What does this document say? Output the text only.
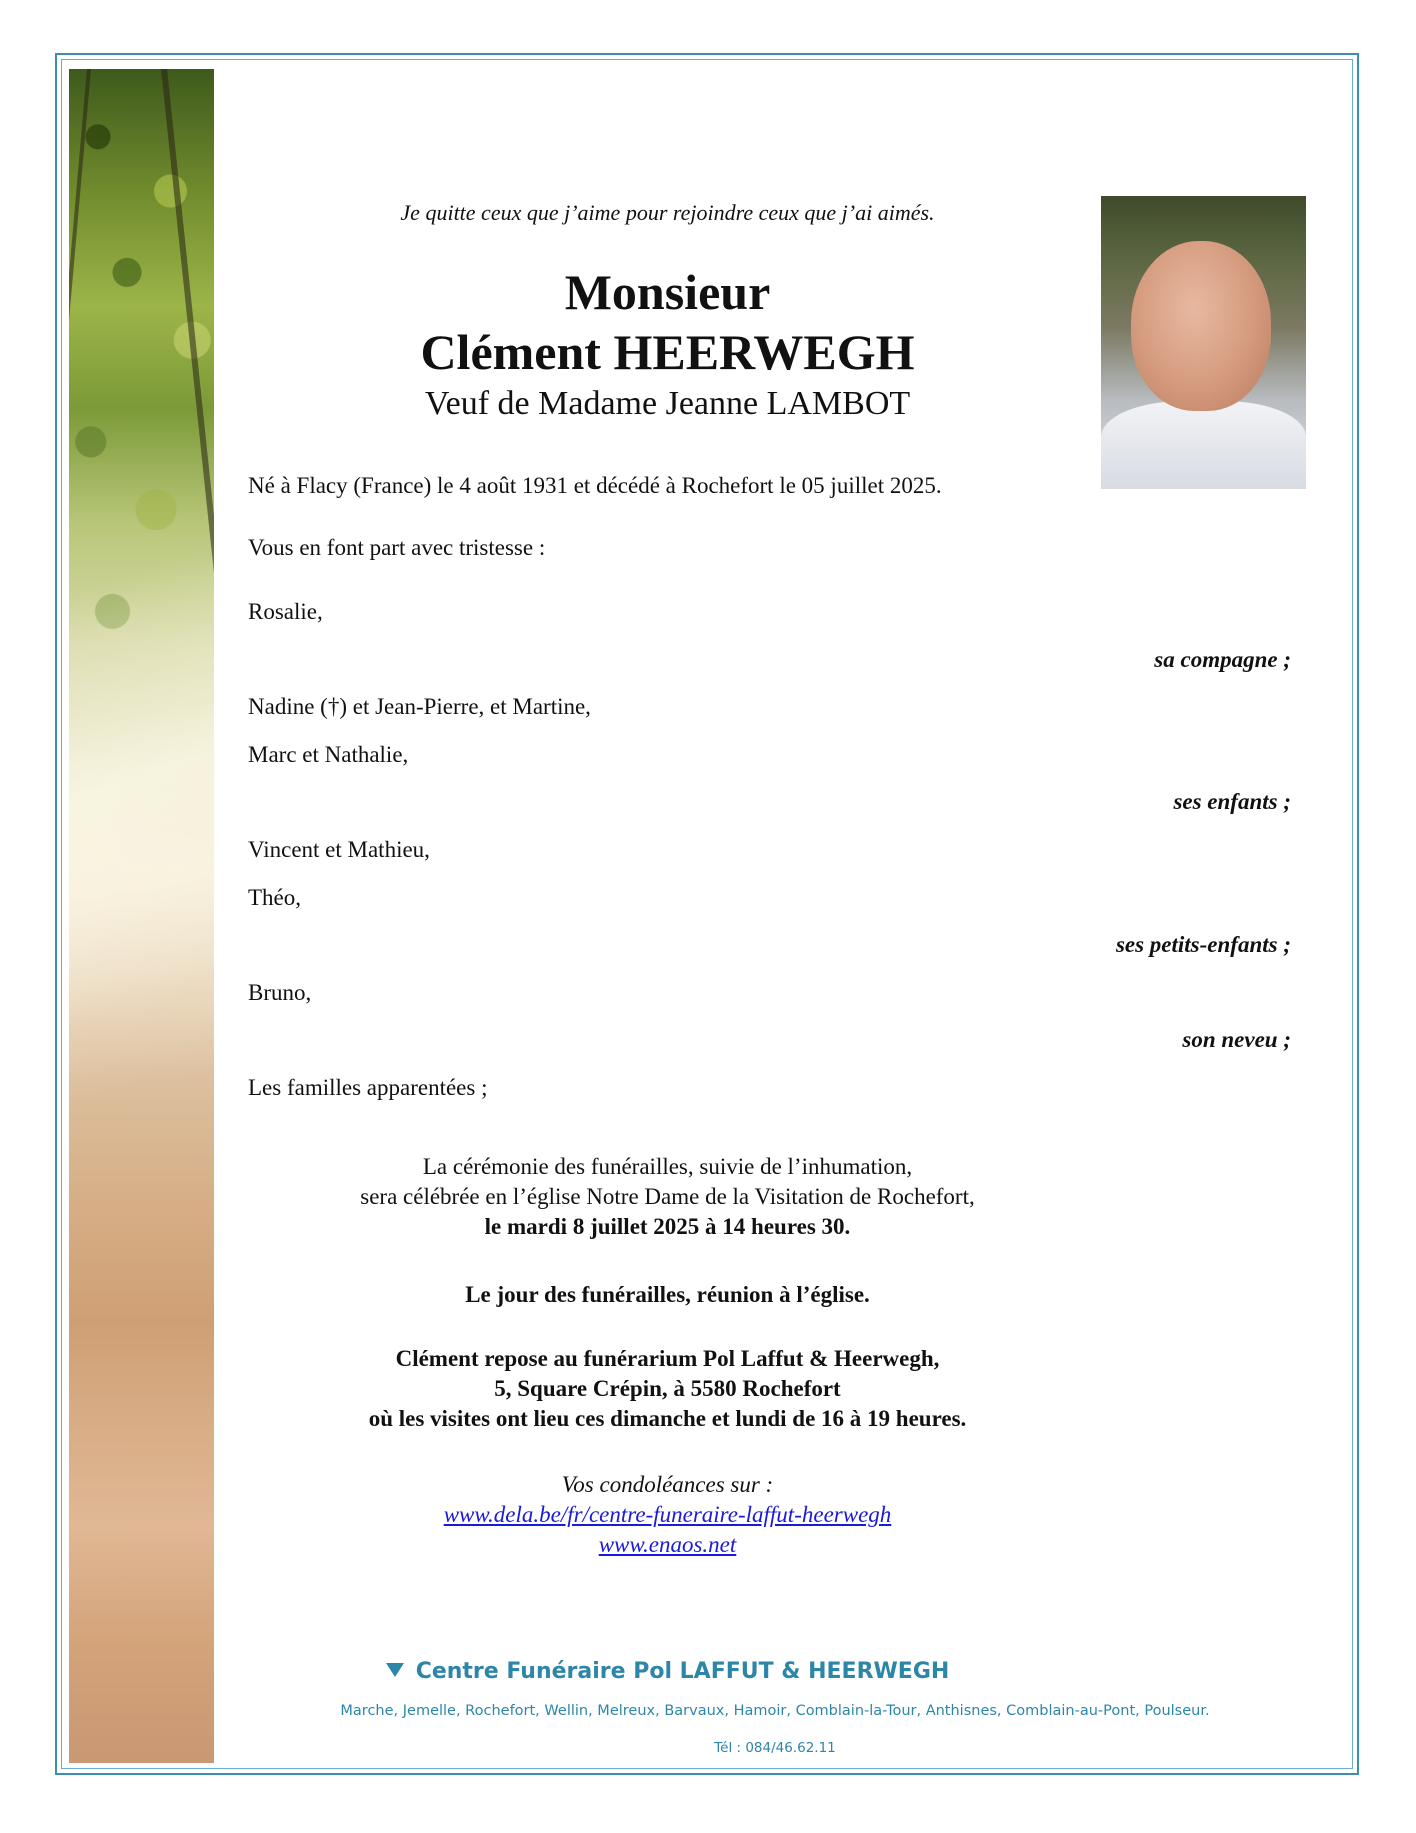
Je quitte ceux que j’aime pour rejoindre ceux que j’ai aimés.
Monsieur
Clément HEERWEGH
Veuf de Madame Jeanne LAMBOT
Né à Flacy (France) le 4 août 1931 et décédé à Rochefort le 05 juillet 2025.
Vous en font part avec tristesse :
Rosalie,
sa compagne ;
Nadine (†) et Jean-Pierre, et Martine,
Marc et Nathalie,
ses enfants ;
Vincent et Mathieu,
Théo,
ses petits-enfants ;
Bruno,
son neveu ;
Les familles apparentées ;
La cérémonie des funérailles, suivie de l’inhumation,
sera célébrée en l’église Notre Dame de la Visitation de Rochefort,
le mardi 8 juillet 2025 à 14 heures 30.
Le jour des funérailles, réunion à l’église.
Clément repose au funérarium Pol Laffut & Heerwegh,
5, Square Crépin, à 5580 Rochefort
où les visites ont lieu ces dimanche et lundi de 16 à 19 heures.
Vos condoléances sur :
www.dela.be/fr/centre-funeraire-laffut-heerwegh
www.enaos.net
Centre Funéraire Pol LAFFUT & HEERWEGH
Marche, Jemelle, Rochefort, Wellin, Melreux, Barvaux, Hamoir, Comblain-la-Tour, Anthisnes, Comblain-au-Pont, Poulseur.
Tél : 084/46.62.11
